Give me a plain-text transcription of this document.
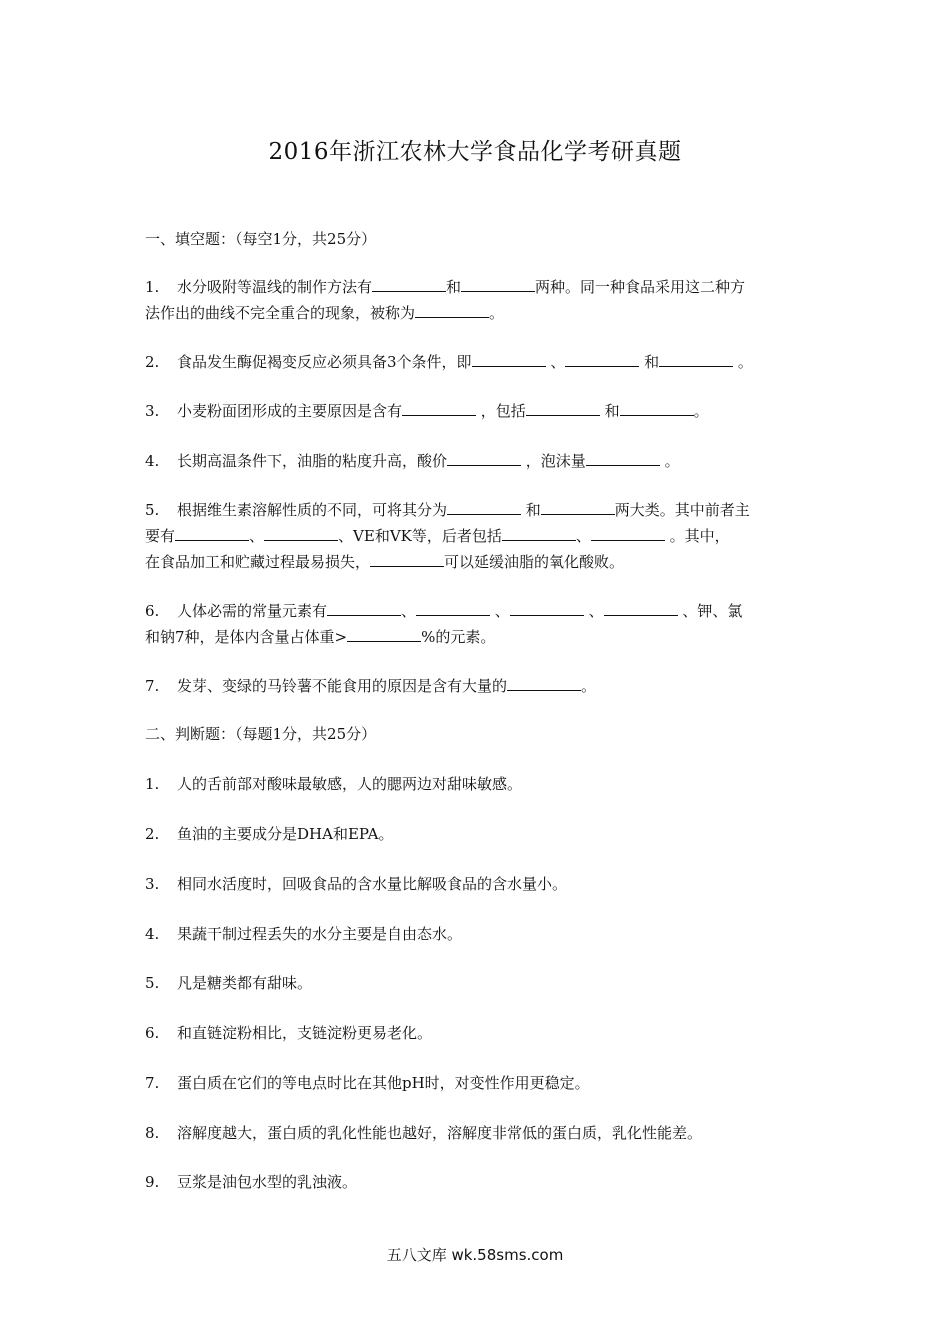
2016年浙江农林大学食品化学考研真题
一、填空题：（每空1分，共25分）
1. 水分吸附等温线的制作方法有	和	两种。同一种食品采用这二种方
法作出的曲线不完全重合的现象，被称为	。
2. 食品发生酶促褐变反应必须具备3个条件，即	、	和	。
3. 小麦粉面团形成的主要原因是含有	，包括	和	。
4. 长期高温条件下，油脂的粘度升高，酸价	，泡沫量	。
5. 根据维生素溶解性质的不同，可将其分为	和	两大类。其中前者主
要有	、	、VE和VK等，后者包括	、	。其中，
在食品加工和贮藏过程最易损失，	可以延缓油脂的氧化酸败。
6. 人体必需的常量元素有	、	、	、	、钾、氯
和钠7种，是体内含量占体重>	%的元素。
7. 发芽、变绿的马铃薯不能食用的原因是含有大量的	。
二、判断题：（每题1分，共25分）
1. 人的舌前部对酸味最敏感，人的腮两边对甜味敏感。
2. 鱼油的主要成分是DHA和EPA。
3. 相同水活度时，回吸食品的含水量比解吸食品的含水量小。
4. 果蔬干制过程丢失的水分主要是自由态水。
5. 凡是糖类都有甜味。
6. 和直链淀粉相比，支链淀粉更易老化。
7. 蛋白质在它们的等电点时比在其他pH时，对变性作用更稳定。
8. 溶解度越大，蛋白质的乳化性能也越好，溶解度非常低的蛋白质，乳化性能差。
9. 豆浆是油包水型的乳浊液。
五八文库 wk.58sms.com
